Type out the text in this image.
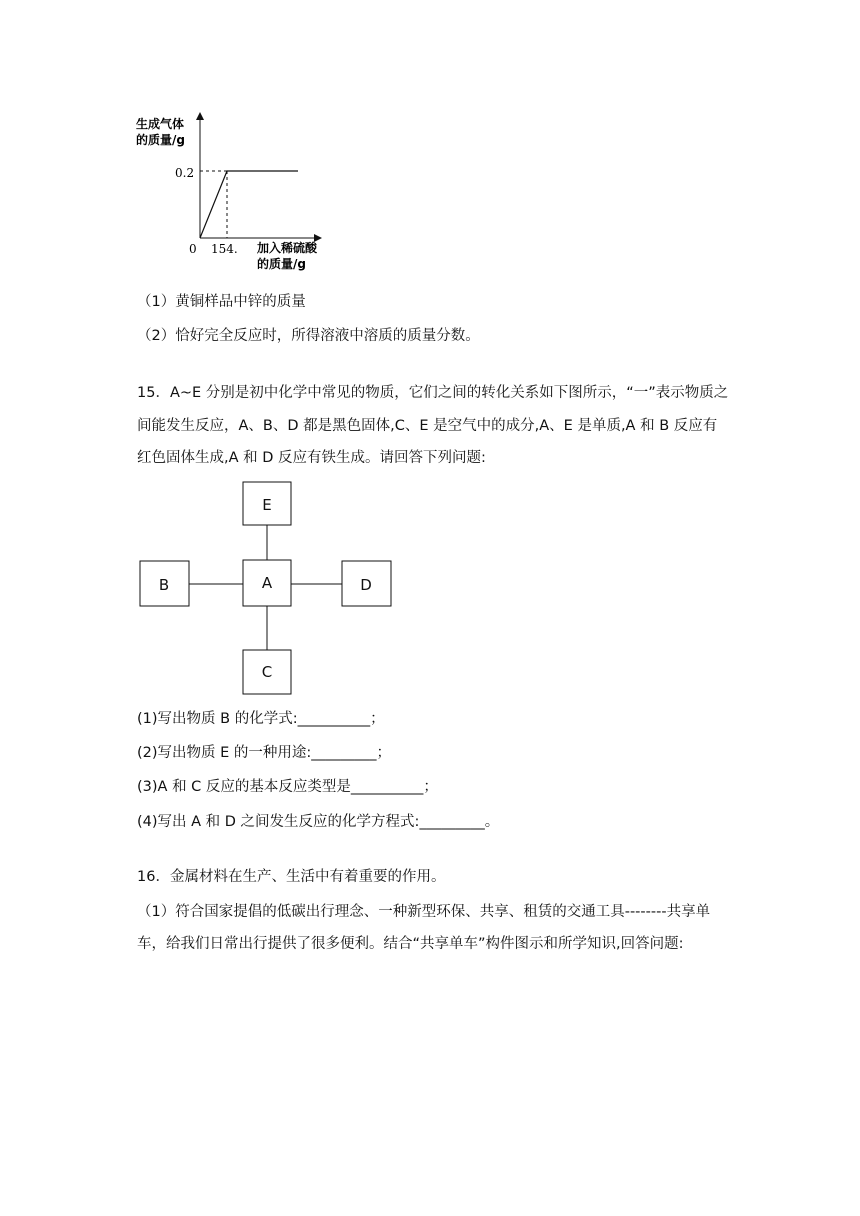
生成气体
的质量/g
0
0.2
154. 加入稀硫酸
的质量/g
（1）黄铜样品中锌的质量
（2）恰好完全反应时，所得溶液中溶质的质量分数。
15．A~E 分别是初中化学中常见的物质，它们之间的转化关系如下图所示，“一”表示物质之
间能发生反应，A、B、D 都是黑色固体,C、E 是空气中的成分,A、E 是单质,A 和 B 反应有
红色固体生成,A 和 D 反应有铁生成。请回答下列问题:
E
B	A	D
C
(1)写出物质 B 的化学式:__________；
(2)写出物质 E 的一种用途:_________；
(3)A 和 C 反应的基本反应类型是__________；
(4)写出 A 和 D 之间发生反应的化学方程式:_________。
16．金属材料在生产、生活中有着重要的作用。
（1）符合国家提倡的低碳出行理念、一种新型环保、共享、租赁的交通工具--------共享单
车，给我们日常出行提供了很多便利。结合“共享单车”构件图示和所学知识,回答问题:
